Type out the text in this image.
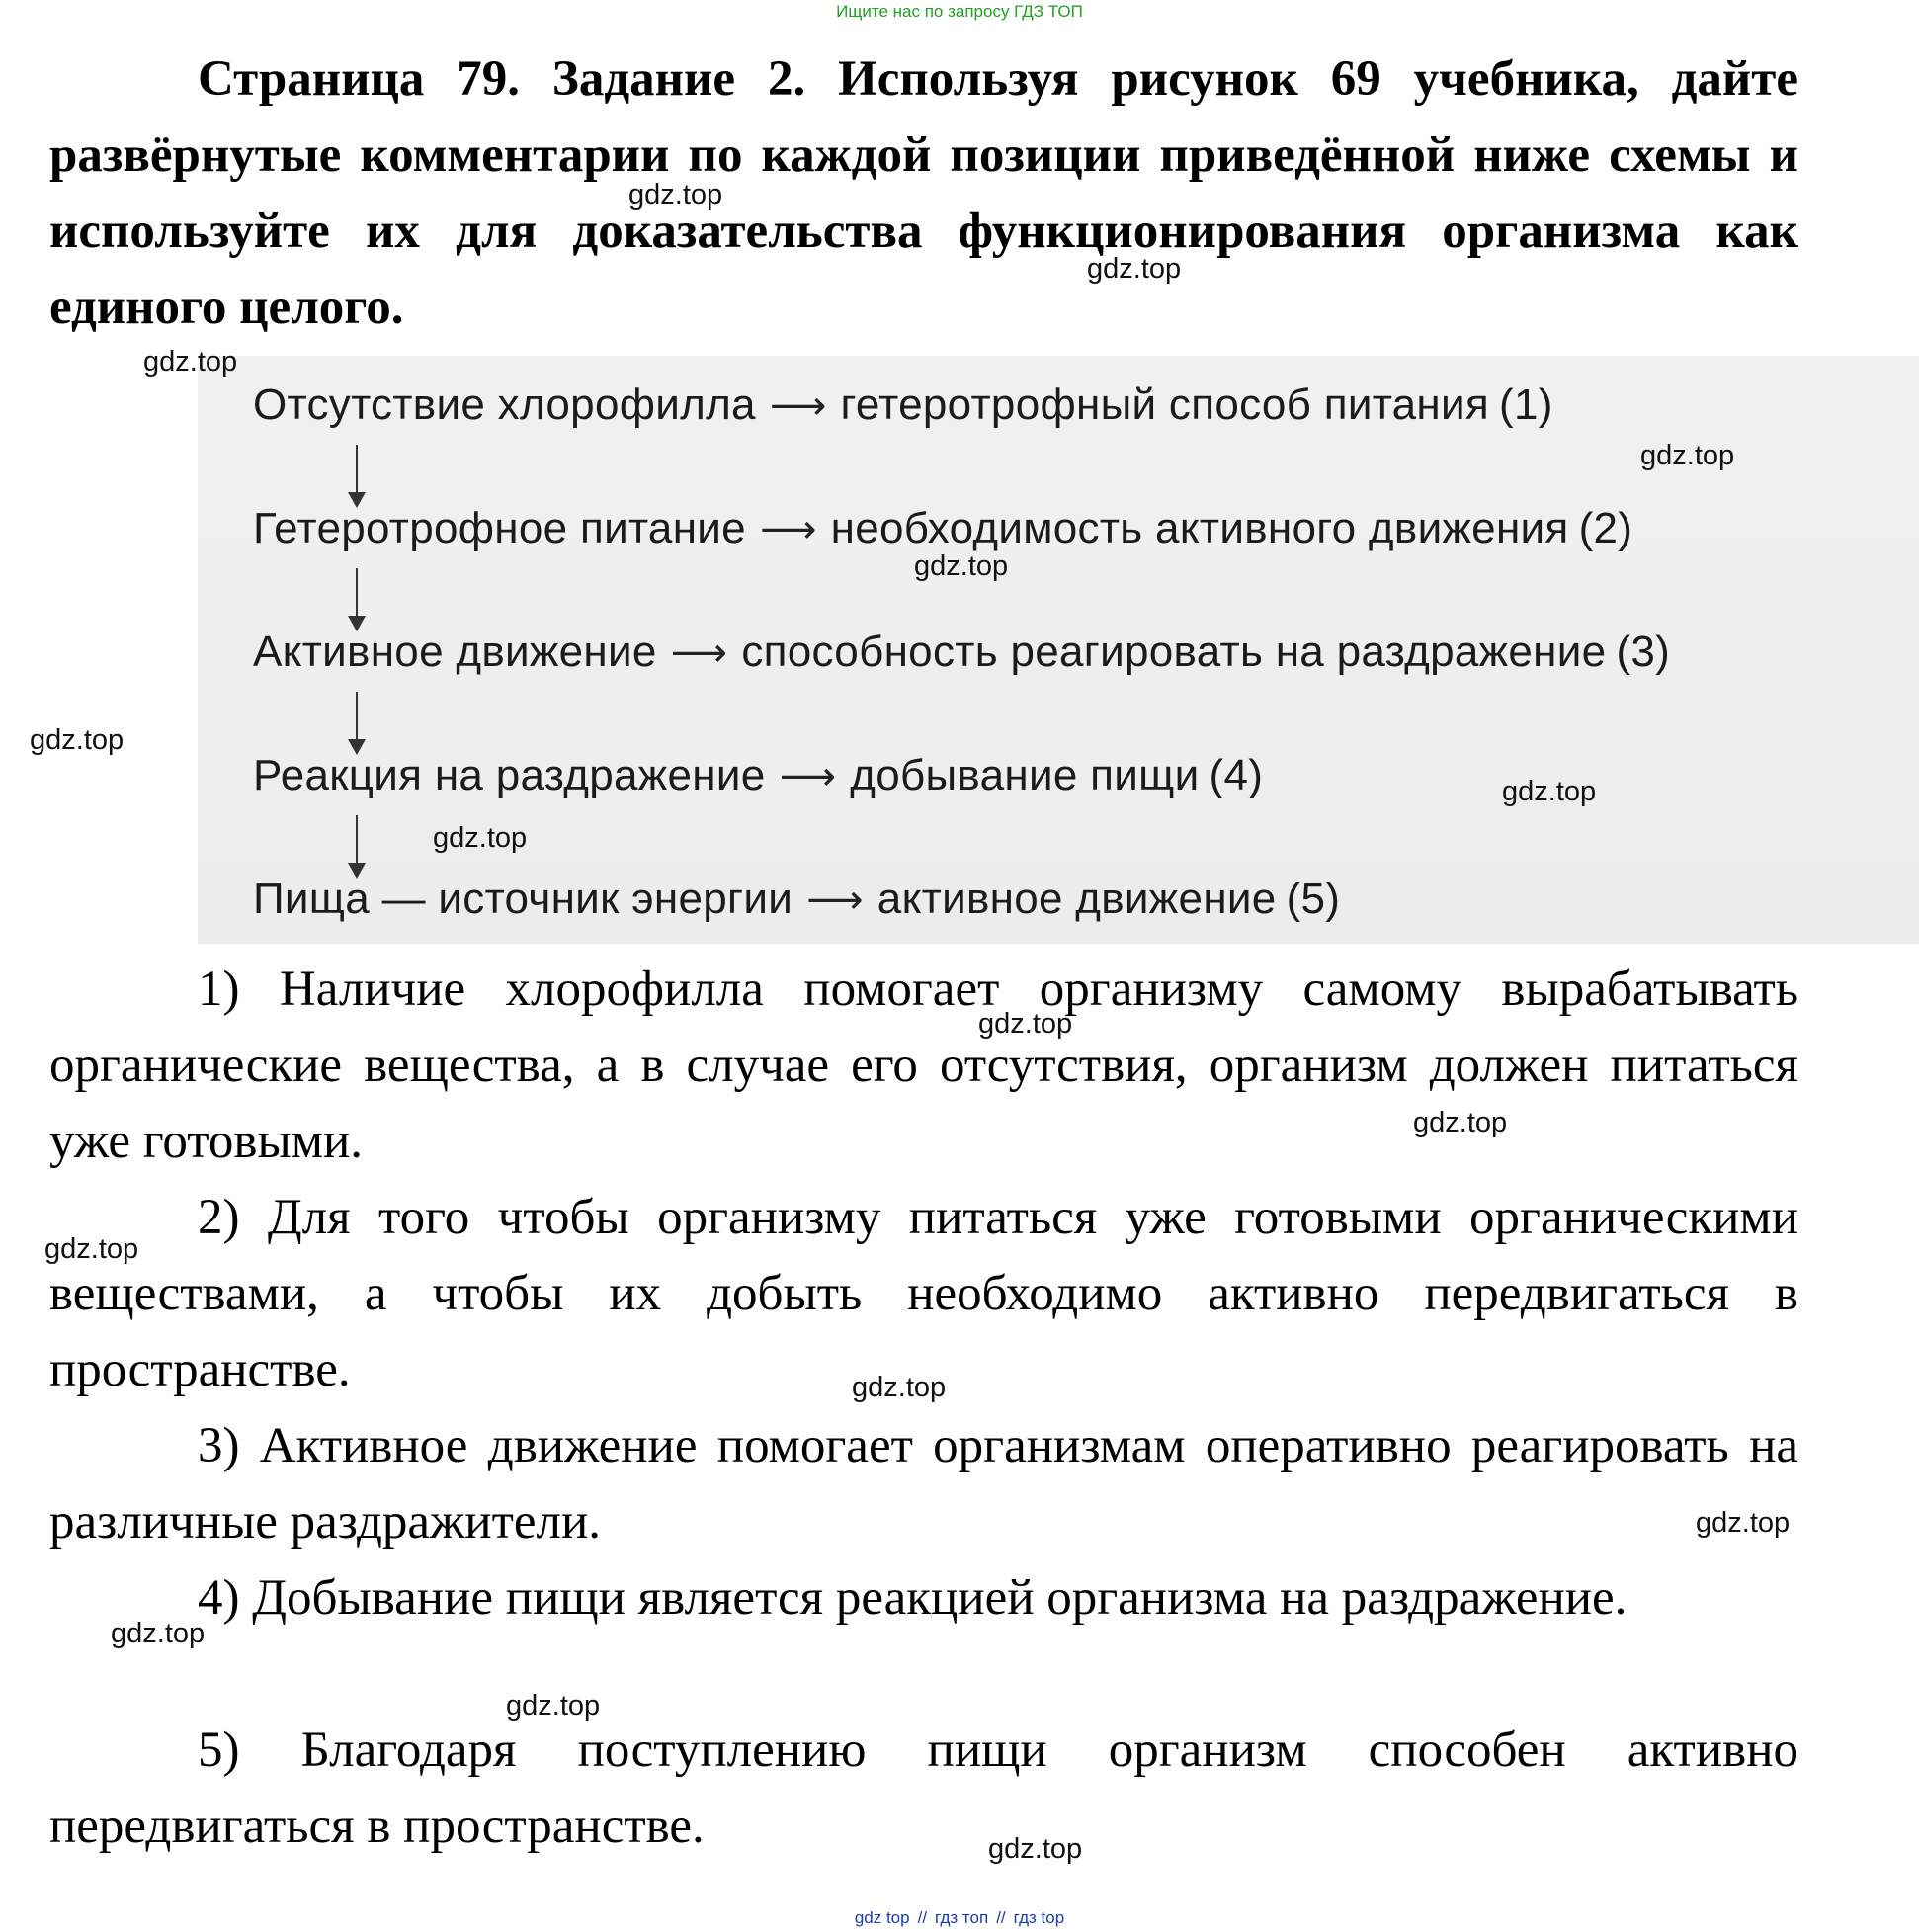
Ищите нас по запросу ГДЗ ТОП

Страница 79. Задание 2. Используя рисунок 69 учебника, дайте развёрнутые комментарии по каждой позиции приведённой ниже схемы и используйте их для доказательства функционирования организма как единого целого.

Отсутствие хлорофилла ⟶ гетеротрофный способ питания (1)
Гетеротрофное питание ⟶ необходимость активного движения (2)
Активное движение ⟶ способность реагировать на раздражение (3)
Реакция на раздражение ⟶ добывание пищи (4)
Пища — источник энергии ⟶ активное движение (5)

1) Наличие хлорофилла помогает организму самому вырабатывать органические вещества, а в случае его отсутствия, организм должен питаться уже готовыми.

2) Для того чтобы организму питаться уже готовыми органическими веществами, а чтобы их добыть необходимо активно передвигаться в пространстве.

3) Активное движение помогает организмам оперативно реагировать на различные раздражители.

4) Добывание пищи является реакцией организма на раздражение.

5) Благодаря поступлению пищи организм способен активно передвигаться в пространстве.

gdz.top
gdz.top
gdz.top
gdz.top
gdz.top
gdz.top
gdz.top
gdz.top
gdz.top
gdz.top
gdz.top
gdz.top
gdz.top
gdz.top
gdz.top
gdz.top
gdz top // гдз топ // гдз top
